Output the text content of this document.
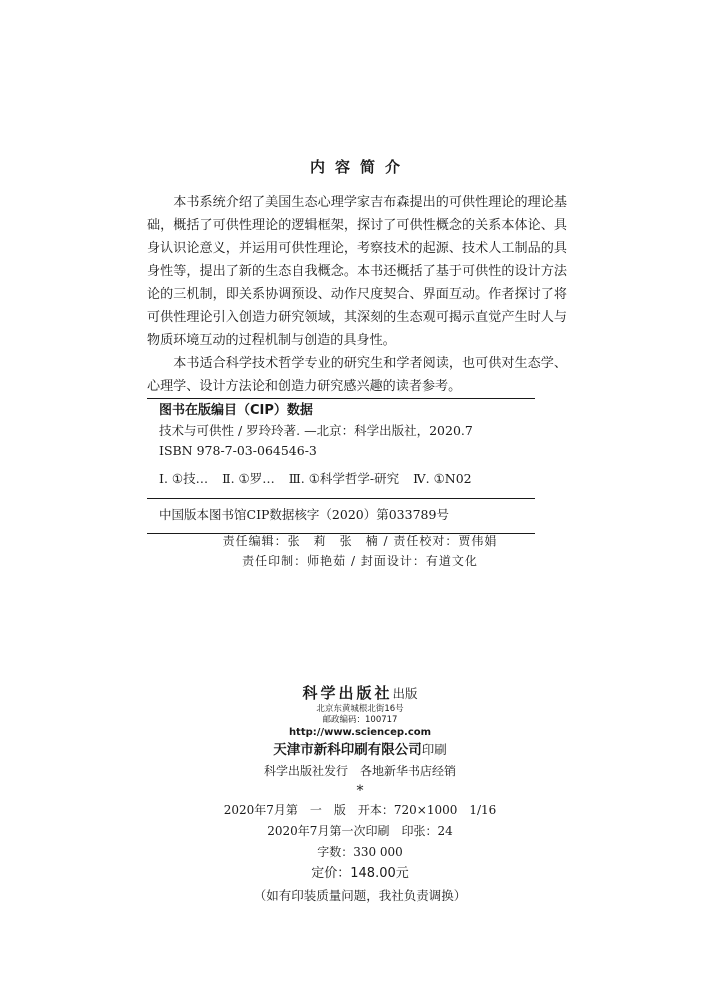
内容简介

本书系统介绍了美国生态心理学家吉布森提出的可供性理论的理论基础，概括了可供性理论的逻辑框架，探讨了可供性概念的关系本体论、具身认识论意义，并运用可供性理论，考察技术的起源、技术人工制品的具身性等，提出了新的生态自我概念。本书还概括了基于可供性的设计方法论的三机制，即关系协调预设、动作尺度契合、界面互动。作者探讨了将可供性理论引入创造力研究领域，其深刻的生态观可揭示直觉产生时人与物质环境互动的过程机制与创造的具身性。

本书适合科学技术哲学专业的研究生和学者阅读，也可供对生态学、心理学、设计方法论和创造力研究感兴趣的读者参考。

图书在版编目（CIP）数据

技术与可供性 / 罗玲玲著. —北京：科学出版社，2020.7

ISBN 978-7-03-064546-3

Ⅰ. ①技… Ⅱ. ①罗… Ⅲ. ①科学哲学-研究 Ⅳ. ①N02

中国版本图书馆CIP数据核字（2020）第033789号

责任编辑：张　莉　张　楠 / 责任校对：贾伟娟

责任印制：师艳茹 / 封面设计：有道文化

科学出版社出版

北京东黄城根北街16号

邮政编码：100717

http://www.sciencep.com

天津市新科印刷有限公司印刷

科学出版社发行　各地新华书店经销

*

2020年7月第　一　版　开本：720×1000　1/16

2020年7月第一次印刷　印张：24

字数：330 000

定价：148.00元

（如有印装质量问题，我社负责调换）
